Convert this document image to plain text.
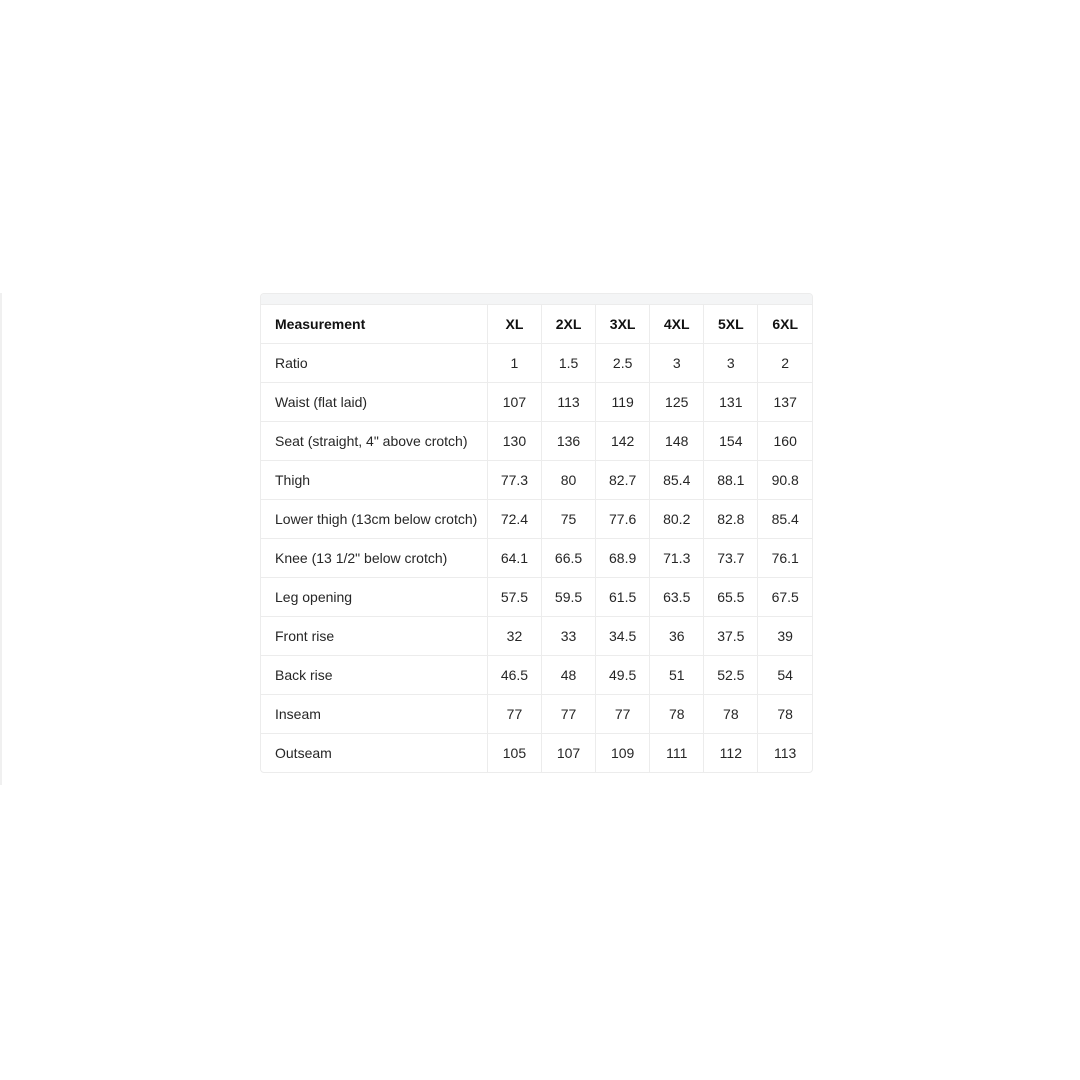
Measurement	XL	2XL	3XL	4XL	5XL	6XL
Ratio	1	1.5	2.5	3	3	2
Waist (flat laid)	107	113	119	125	131	137
Seat (straight, 4" above crotch)	130	136	142	148	154	160
Thigh	77.3	80	82.7	85.4	88.1	90.8
Lower thigh (13cm below crotch)	72.4	75	77.6	80.2	82.8	85.4
Knee (13 1/2" below crotch)	64.1	66.5	68.9	71.3	73.7	76.1
Leg opening	57.5	59.5	61.5	63.5	65.5	67.5
Front rise	32	33	34.5	36	37.5	39
Back rise	46.5	48	49.5	51	52.5	54
Inseam	77	77	77	78	78	78
Outseam	105	107	109	111	112	113
